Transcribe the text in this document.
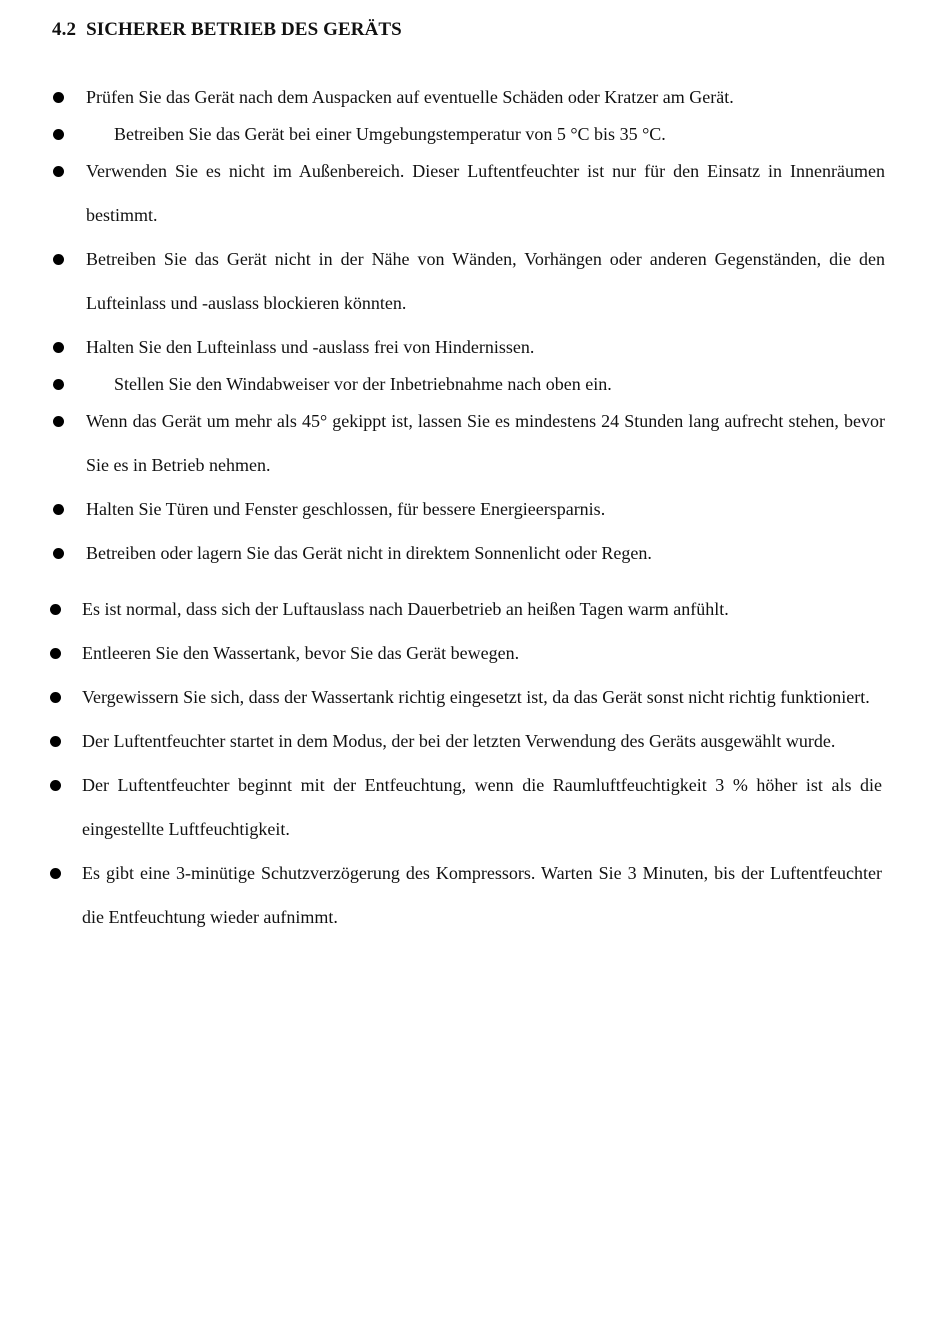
4.2 SICHERER BETRIEB DES GERÄTS
Prüfen Sie das Gerät nach dem Auspacken auf eventuelle Schäden oder Kratzer am Gerät.
Betreiben Sie das Gerät bei einer Umgebungstemperatur von 5 °C bis 35 °C.
Verwenden Sie es nicht im Außenbereich. Dieser Luftentfeuchter ist nur für den Einsatz in Innenräumen bestimmt.
Betreiben Sie das Gerät nicht in der Nähe von Wänden, Vorhängen oder anderen Gegenständen, die den Lufteinlass und -auslass blockieren könnten.
Halten Sie den Lufteinlass und -auslass frei von Hindernissen.
Stellen Sie den Windabweiser vor der Inbetriebnahme nach oben ein.
Wenn das Gerät um mehr als 45° gekippt ist, lassen Sie es mindestens 24 Stunden lang aufrecht stehen, bevor Sie es in Betrieb nehmen.
Halten Sie Türen und Fenster geschlossen, für bessere Energieersparnis.
Betreiben oder lagern Sie das Gerät nicht in direktem Sonnenlicht oder Regen.
Es ist normal, dass sich der Luftauslass nach Dauerbetrieb an heißen Tagen warm anfühlt.
Entleeren Sie den Wassertank, bevor Sie das Gerät bewegen.
Vergewissern Sie sich, dass der Wassertank richtig eingesetzt ist, da das Gerät sonst nicht richtig funktioniert.
Der Luftentfeuchter startet in dem Modus, der bei der letzten Verwendung des Geräts ausgewählt wurde.
Der Luftentfeuchter beginnt mit der Entfeuchtung, wenn die Raumluftfeuchtigkeit 3 % höher ist als die eingestellte Luftfeuchtigkeit.
Es gibt eine 3-minütige Schutzverzögerung des Kompressors. Warten Sie 3 Minuten, bis der Luftentfeuchter die Entfeuchtung wieder aufnimmt.
